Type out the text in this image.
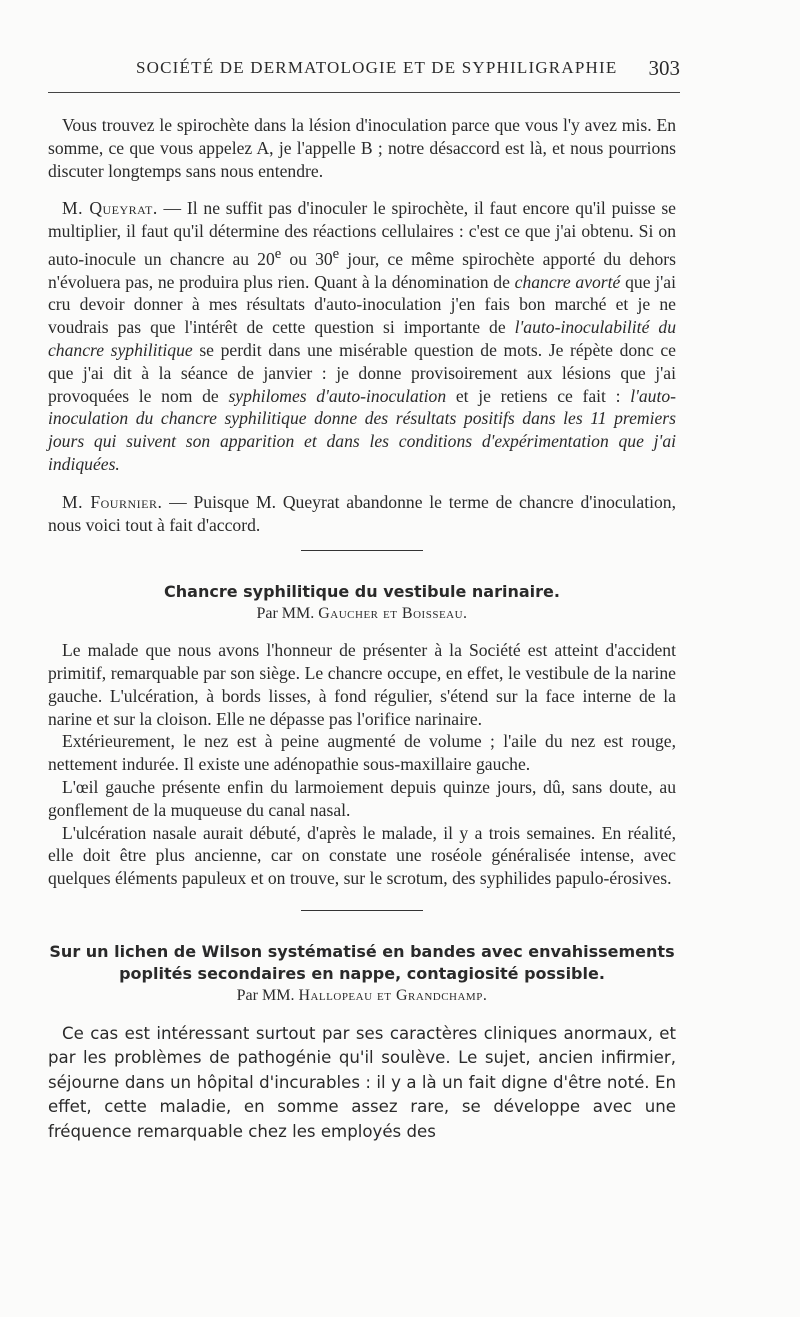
SOCIÉTÉ DE DERMATOLOGIE ET DE SYPHILIGRAPHIE 303

Vous trouvez le spirochète dans la lésion d'inoculation parce que vous l'y avez mis. En somme, ce que vous appelez A, je l'appelle B ; notre désaccord est là, et nous pourrions discuter longtemps sans nous entendre.

M. Queyrat. — Il ne suffit pas d'inoculer le spirochète, il faut encore qu'il puisse se multiplier, il faut qu'il détermine des réactions cellulaires : c'est ce que j'ai obtenu. Si on auto-inocule un chancre au 20e ou 30e jour, ce même spirochète apporté du dehors n'évoluera pas, ne produira plus rien. Quant à la dénomination de chancre avorté que j'ai cru devoir donner à mes résultats d'auto-inoculation j'en fais bon marché et je ne voudrais pas que l'intérêt de cette question si importante de l'auto-inoculabilité du chancre syphilitique se perdit dans une misérable question de mots. Je répète donc ce que j'ai dit à la séance de janvier : je donne provisoirement aux lésions que j'ai provoquées le nom de syphilomes d'auto-inoculation et je retiens ce fait : l'auto-inoculation du chancre syphilitique donne des résultats positifs dans les 11 premiers jours qui suivent son apparition et dans les conditions d'expérimentation que j'ai indiquées.

M. Fournier. — Puisque M. Queyrat abandonne le terme de chancre d'inoculation, nous voici tout à fait d'accord.

Chancre syphilitique du vestibule narinaire.

Par MM. Gaucher et Boisseau.

Le malade que nous avons l'honneur de présenter à la Société est atteint d'accident primitif, remarquable par son siège. Le chancre occupe, en effet, le vestibule de la narine gauche. L'ulcération, à bords lisses, à fond régulier, s'étend sur la face interne de la narine et sur la cloison. Elle ne dépasse pas l'orifice narinaire.

Extérieurement, le nez est à peine augmenté de volume ; l'aile du nez est rouge, nettement indurée. Il existe une adénopathie sous-maxillaire gauche.

L'œil gauche présente enfin du larmoiement depuis quinze jours, dû, sans doute, au gonflement de la muqueuse du canal nasal.

L'ulcération nasale aurait débuté, d'après le malade, il y a trois semaines. En réalité, elle doit être plus ancienne, car on constate une roséole généralisée intense, avec quelques éléments papuleux et on trouve, sur le scrotum, des syphilides papulo-érosives.

Sur un lichen de Wilson systématisé en bandes avec envahissements poplités secondaires en nappe, contagiosité possible.

Par MM. Hallopeau et Grandchamp.

Ce cas est intéressant surtout par ses caractères cliniques anormaux, et par les problèmes de pathogénie qu'il soulève. Le sujet, ancien infirmier, séjourne dans un hôpital d'incurables : il y a là un fait digne d'être noté. En effet, cette maladie, en somme assez rare, se développe avec une fréquence remarquable chez les employés des
